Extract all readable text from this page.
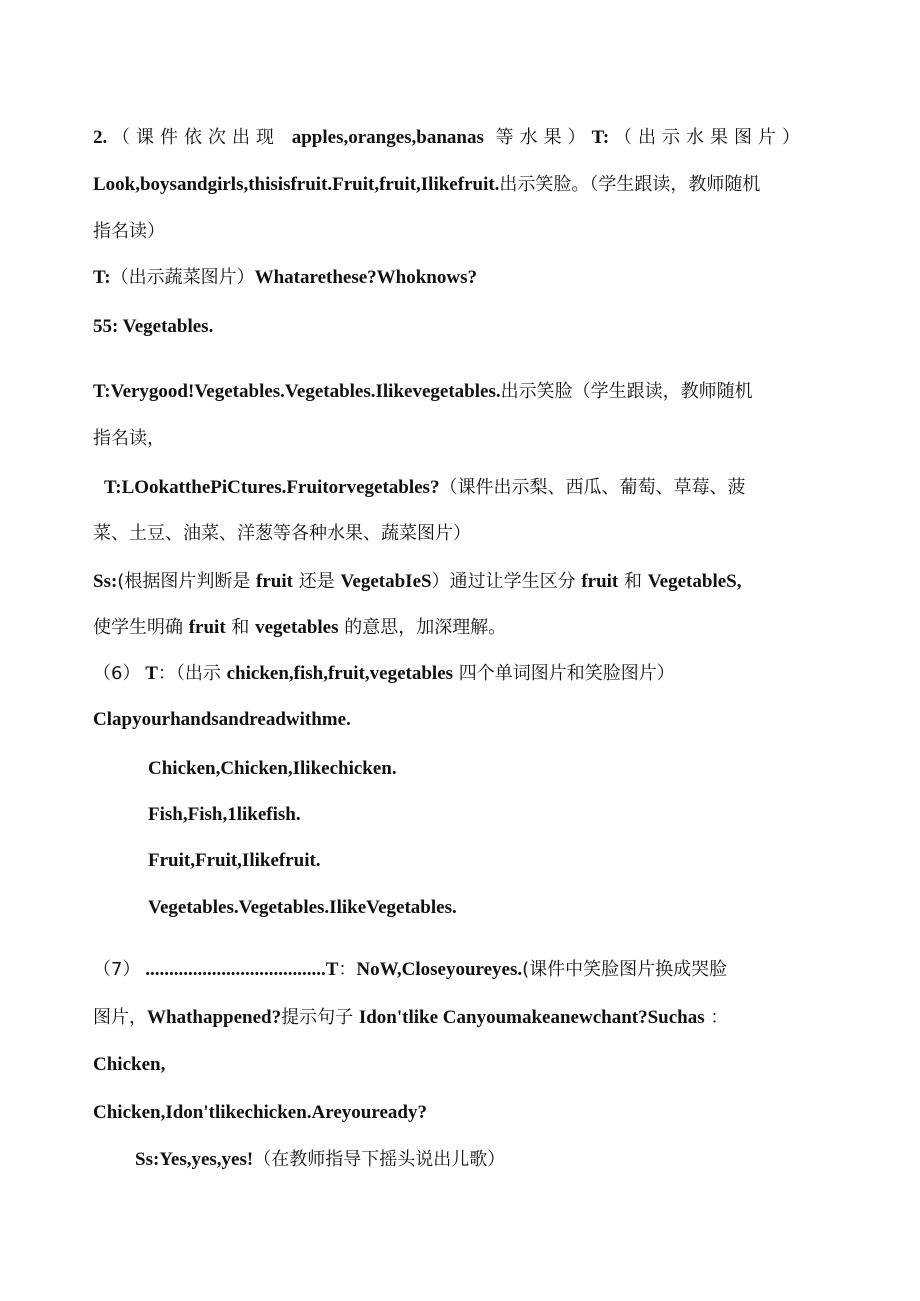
2. （课件依次出现 apples,oranges,bananas 等水果）T: （出示水果图片）
Look,boysandgirls,thisisfruit.Fruit,fruit,Ilikefruit.出示笑脸。（学生跟读，教师随机
指名读）
T:（出示蔬菜图片）Whatarethese?Whoknows?
55: Vegetables.
T:Verygood!Vegetables.Vegetables.Ilikevegetables.出示笑脸（学生跟读，教师随机
指名读，
T:LOokatthePiCtures.Fruitorvegetables?（课件出示梨、西瓜、葡萄、草莓、菠
菜、土豆、油菜、洋葱等各种水果、蔬菜图片）
Ss:(根据图片判断是 fruit 还是 VegetabIeS）通过让学生区分 fruit 和 VegetableS,
使学生明确 fruit 和 vegetables 的意思，加深理解。
（6） T：（出示 chicken,fish,fruit,vegetables 四个单词图片和笑脸图片）
Clapyourhandsandreadwithme.
Chicken,Chicken,Ilikechicken.
Fish,Fish,1likefish.
Fruit,Fruit,Ilikefruit.
Vegetables.Vegetables.IlikeVegetables.
（7） ......................................T：NoW,Closeyoureyes.(课件中笑脸图片换成哭脸
图片，Whathappened?提示句子 Idon'tlike Canyoumakeanewchant?Suchas ：
Chicken,
Chicken,Idon'tlikechicken.Areyouready?
Ss:Yes,yes,yes!（在教师指导下摇头说出儿歌）
